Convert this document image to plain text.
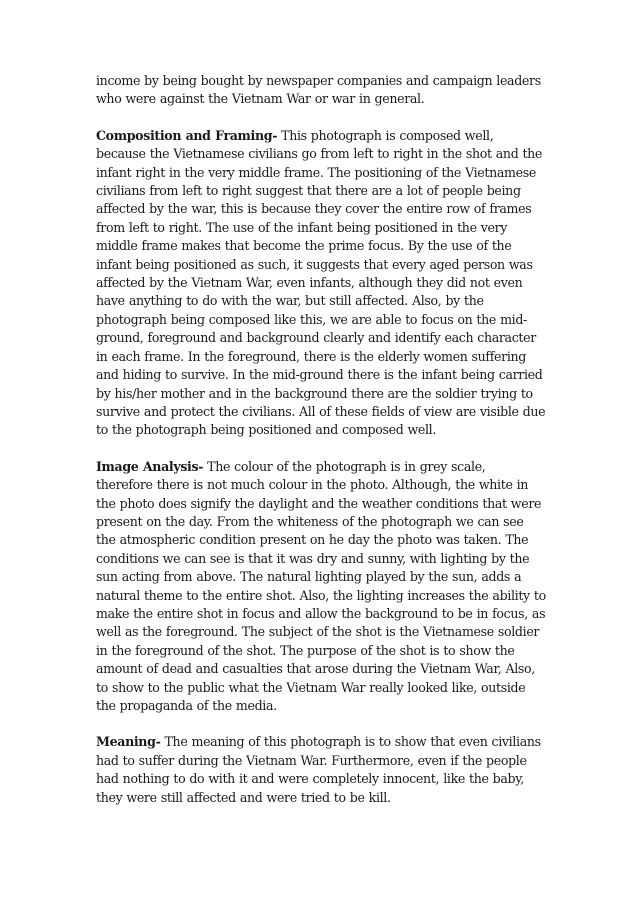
income by being bought by newspaper companies and campaign leaders who were against the Vietnam War or war in general.

Composition and Framing- This photograph is composed well, because the Vietnamese civilians go from left to right in the shot and the infant right in the very middle frame. The positioning of the Vietnamese civilians from left to right suggest that there are a lot of people being affected by the war, this is because they cover the entire row of frames from left to right. The use of the infant being positioned in the very middle frame makes that become the prime focus. By the use of the infant being positioned as such, it suggests that every aged person was affected by the Vietnam War, even infants, although they did not even have anything to do with the war, but still affected. Also, by the photograph being composed like this, we are able to focus on the mid-ground, foreground and background clearly and identify each character in each frame. In the foreground, there is the elderly women suffering and hiding to survive. In the mid-ground there is the infant being carried by his/her mother and in the background there are the soldier trying to survive and protect the civilians. All of these fields of view are visible due to the photograph being positioned and composed well.

Image Analysis- The colour of the photograph is in grey scale, therefore there is not much colour in the photo. Although, the white in the photo does signify the daylight and the weather conditions that were present on the day. From the whiteness of the photograph we can see the atmospheric condition present on he day the photo was taken. The conditions we can see is that it was dry and sunny, with lighting by the sun acting from above. The natural lighting played by the sun, adds a natural theme to the entire shot. Also, the lighting increases the ability to make the entire shot in focus and allow the background to be in focus, as well as the foreground. The subject of the shot is the Vietnamese soldier in the foreground of the shot. The purpose of the shot is to show the amount of dead and casualties that arose during the Vietnam War, Also, to show to the public what the Vietnam War really looked like, outside the propaganda of the media.

Meaning- The meaning of this photograph is to show that even civilians had to suffer during the Vietnam War. Furthermore, even if the people had nothing to do with it and were completely innocent, like the baby, they were still affected and were tried to be kill.
